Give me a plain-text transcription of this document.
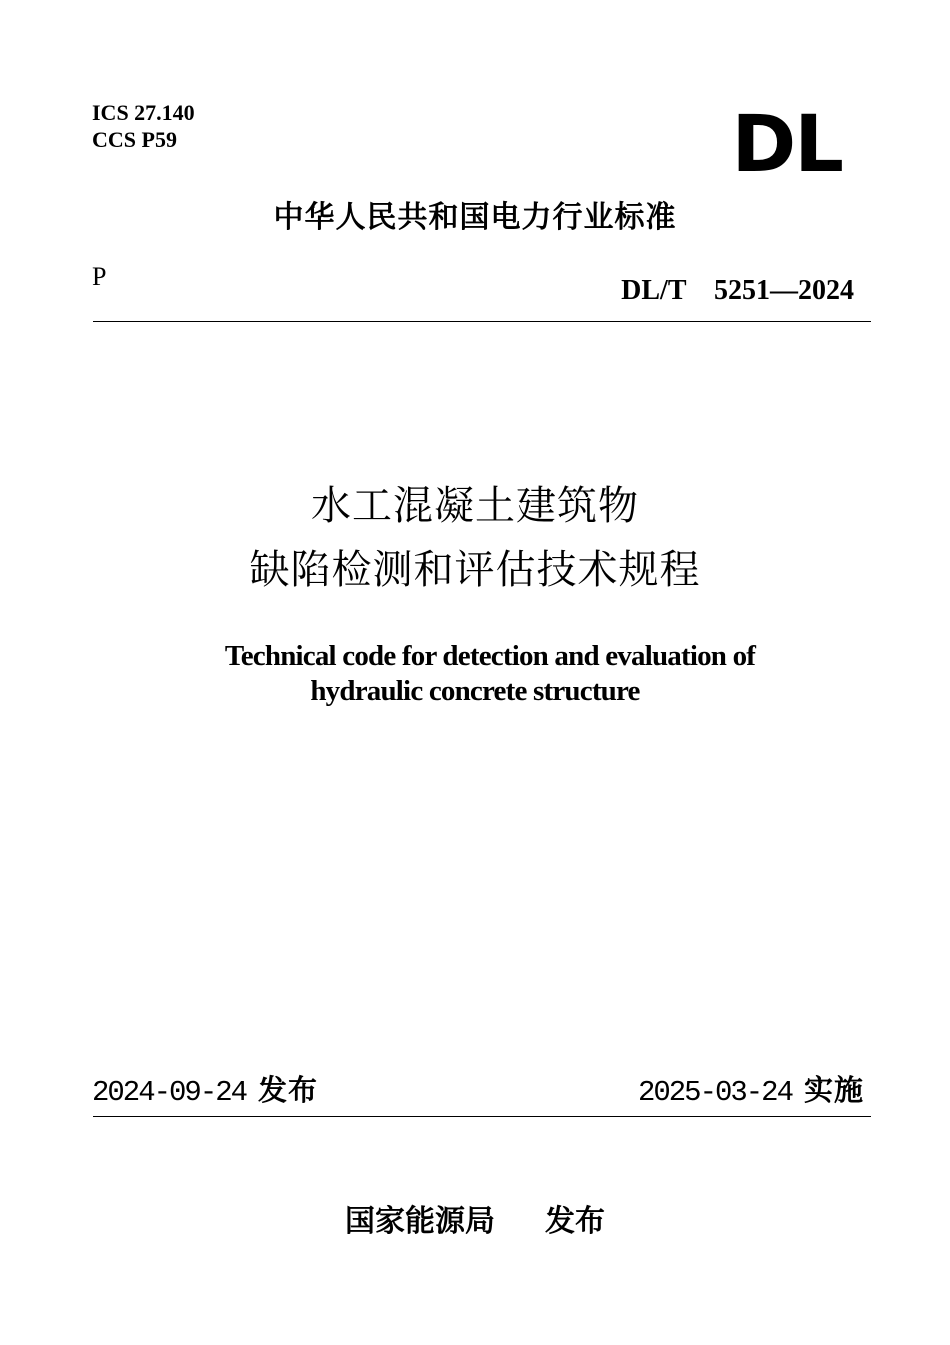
ICS 27.140
CCS P59	DL
中华人民共和国电力行业标准
P	DL/T    5251—2024
水工混凝土建筑物
缺陷检测和评估技术规程
Technical code for detection and evaluation of
hydraulic concrete structure
2024-09-24 发布	2025-03-24 实施
国家能源局 发布
